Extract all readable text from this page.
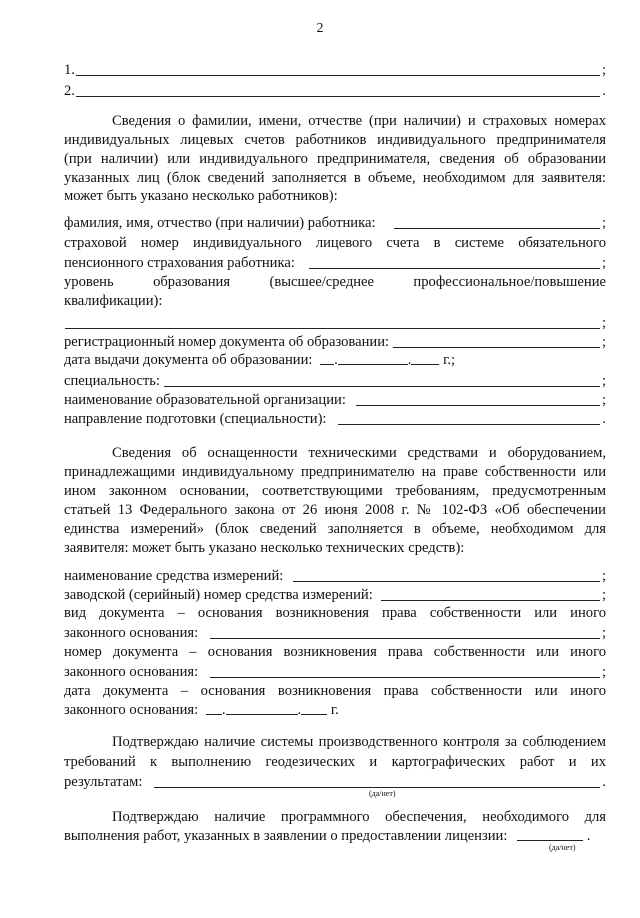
2
1.	;
2.	.
Сведения о фамилии, имени, отчестве (при наличии) и страховых номерах
индивидуальных лицевых счетов работников индивидуального предпринимателя
(при наличии) или индивидуального предпринимателя, сведения об образовании
указанных лиц (блок сведений заполняется в объеме, необходимом для заявителя:
может быть указано несколько работников):
фамилия, имя, отчество (при наличии) работника:	;
страховой номер индивидуального лицевого счета в системе обязательного
пенсионного страхования работника:	;
уровень образования (высшее/среднее профессиональное/повышение
квалификации):
;
регистрационный номер документа об образовании:	;
дата выдачи документа об образовании: .	. г.;
специальность:	;
наименование образовательной организации:	;
направление подготовки (специальности):	.
Сведения об оснащенности техническими средствами и оборудованием,
принадлежащими индивидуальному предпринимателю на праве собственности или
ином законном основании, соответствующими требованиям, предусмотренным
статьей 13 Федерального закона от 26 июня 2008 г. № 102-ФЗ «Об обеспечении
единства измерений» (блок сведений заполняется в объеме, необходимом для
заявителя: может быть указано несколько технических средств):
наименование средства измерений:	;
заводской (серийный) номер средства измерений:	;
вид документа – основания возникновения права собственности или иного
законного основания:	;
номер документа – основания возникновения права собственности или иного
законного основания:	;
дата документа – основания возникновения права собственности или иного
законного основания: .	. г.
Подтверждаю наличие системы производственного контроля за соблюдением
требований к выполнению геодезических и картографических работ и их
результатам:	.
(да/нет)
Подтверждаю наличие программного обеспечения, необходимого для
выполнения работ, указанных в заявлении о предоставлении лицензии:	.
(да/нет)
